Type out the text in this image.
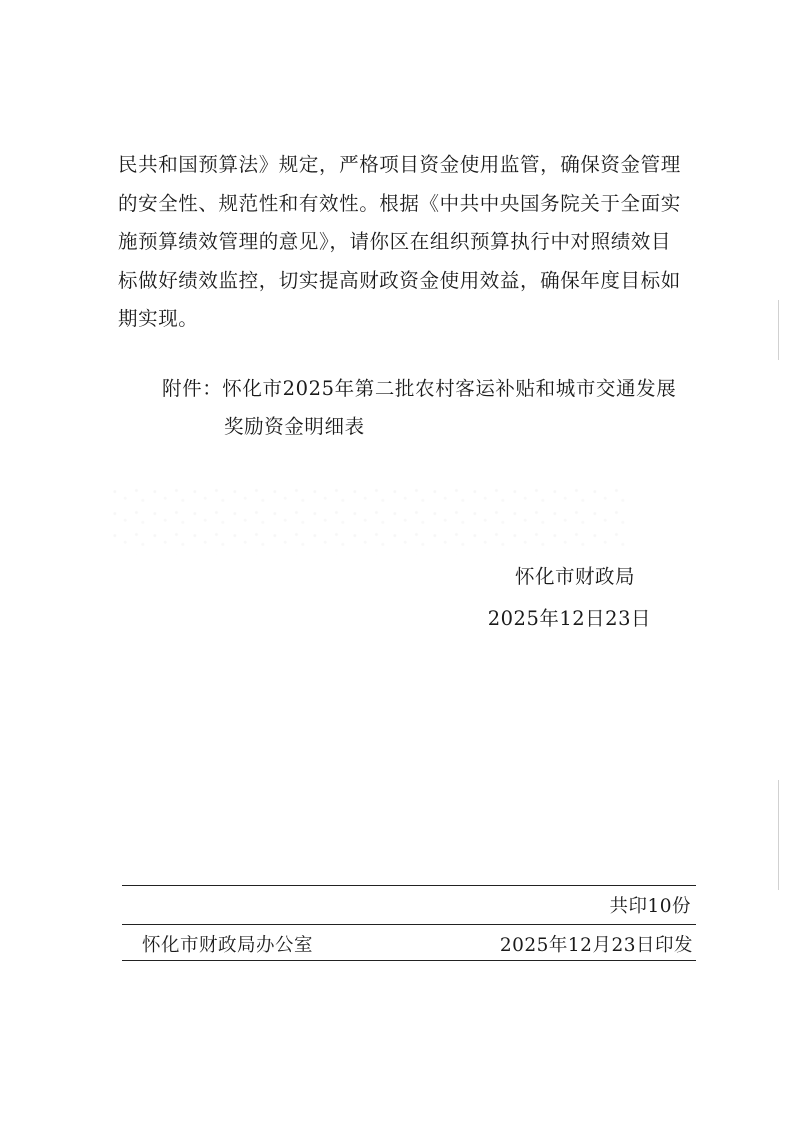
民共和国预算法》规定，严格项目资金使用监管，确保资金管理
的安全性、规范性和有效性。根据《中共中央国务院关于全面实
施预算绩效管理的意见》，请你区在组织预算执行中对照绩效目
标做好绩效监控，切实提高财政资金使用效益，确保年度目标如
期实现。
附件：怀化市2025年第二批农村客运补贴和城市交通发展
奖励资金明细表
怀化市财政局
2025年12日23日
共印10份
怀化市财政局办公室	2025年12月23日印发
